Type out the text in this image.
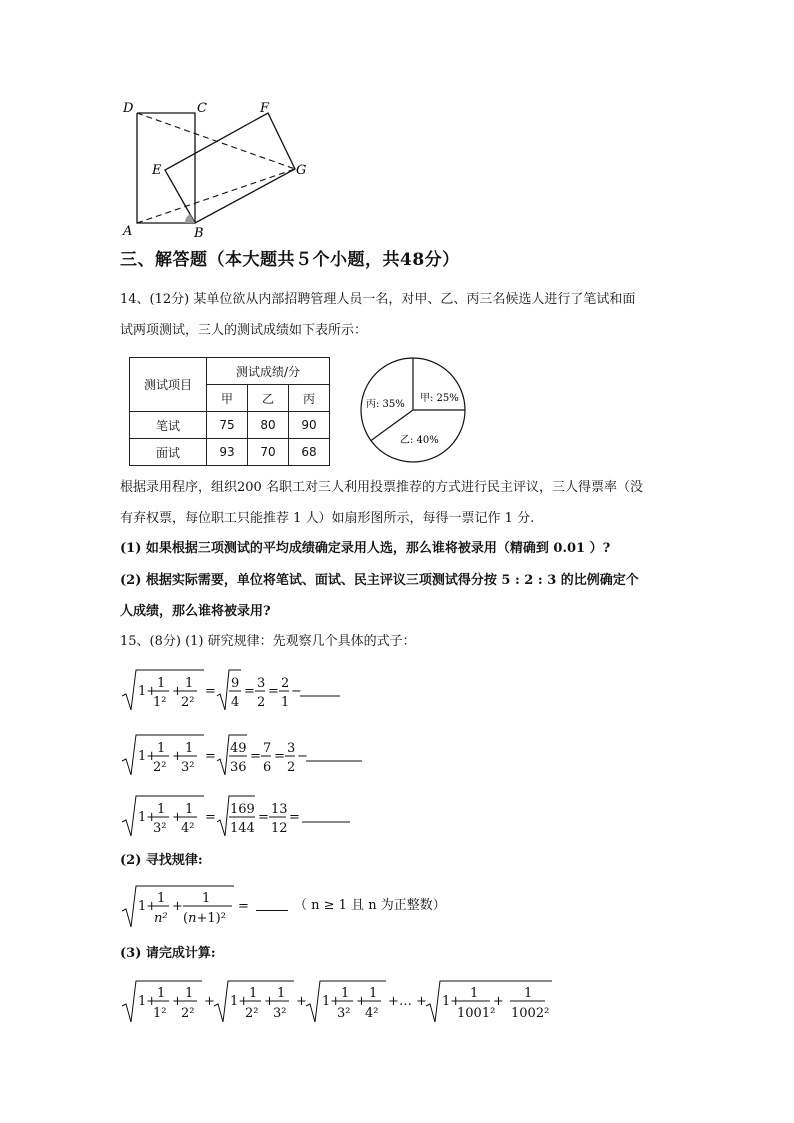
D	C	F
E	G
A	B
三、解答题（本大题共５个小题，共48分）
14、(12分) 某单位欲从内部招聘管理人员一名，对甲、乙、丙三名候选人进行了笔试和面
试两项测试，三人的测试成绩如下表所示：
测试项目	测试成绩/分		
	甲	乙	丙
笔试	75	80	90
面试	93	70	68
甲: 25%
丙: 35%
乙: 40%
根据录用程序，组织200 名职工对三人利用投票推荐的方式进行民主评议，三人得票率（没
有弃权票，每位职工只能推荐 1 人）如扇形图所示，每得一票记作 1 分.
(1) 如果根据三项测试的平均成绩确定录用人选，那么谁将被录用（精确到 0.01 ）?
(2) 根据实际需要，单位将笔试、面试、民主评议三项测试得分按 5 : 2 : 3 的比例确定个
人成绩，那么谁将被录用?
15、(8分) (1) 研究规律：先观察几个具体的式子：
1+
1
1²
+
1
2²
=
9
4
=
3
2
=
2
1
−
1+
1
2²
+
1
3²
=
49
36
=
7
6
=
3
2
−
1+
1
3²
+
1
4²
=
169
144
=
13
12
=
(2) 寻找规律:
1+
1
n²
+
1
(n+1)²
=	（ n ≥ 1 且 n 为正整数）
(3) 请完成计算:
1+
1
1²
+
1
2²
+ 1+
1
2²
+
1
3²
+ 1+
1
3²
+
1
4²
+ … + 1+
1
1001²
+
1
1002²
